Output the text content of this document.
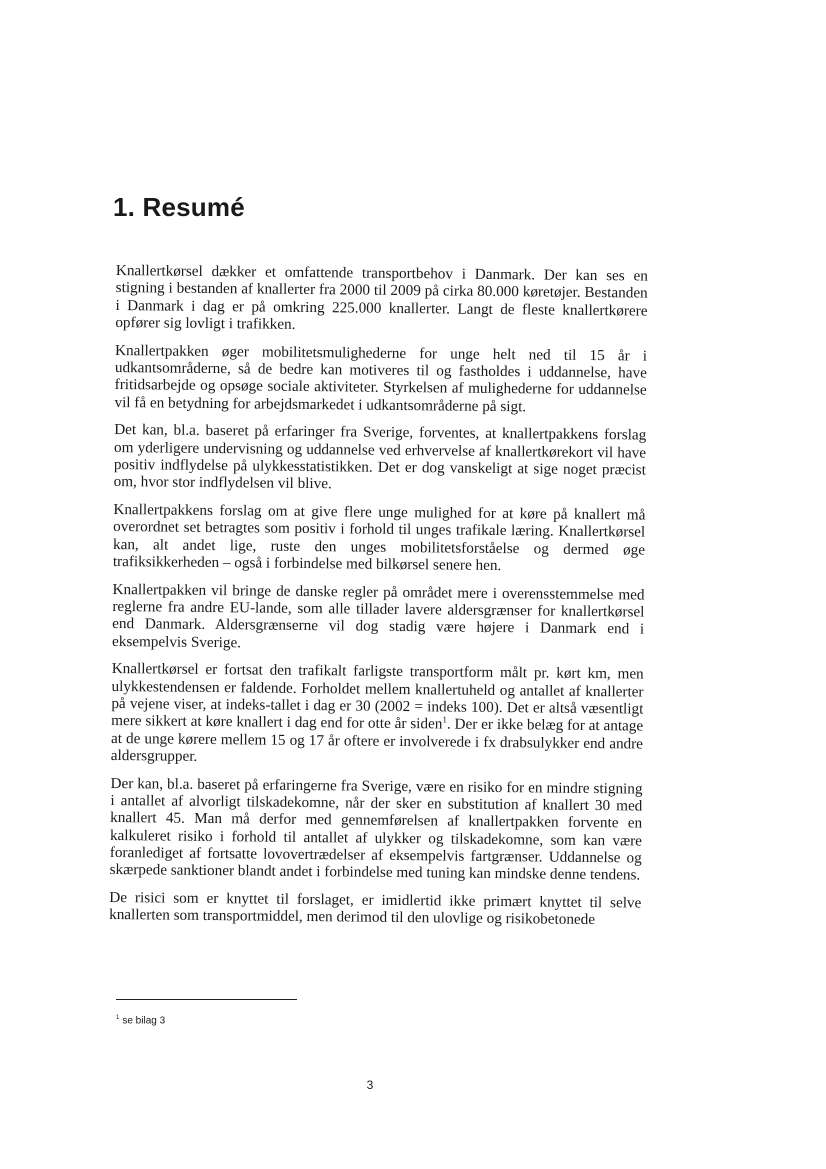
1. Resumé

Knallertkørsel dækker et omfattende transportbehov i Danmark. Der kan ses en stigning i bestanden af knallerter fra 2000 til 2009 på cirka 80.000 køretøjer. Bestanden i Danmark i dag er på omkring 225.000 knallerter. Langt de fleste knallertkørere opfører sig lovligt i trafikken.

Knallertpakken øger mobilitetsmulighederne for unge helt ned til 15 år i udkantsområderne, så de bedre kan motiveres til og fastholdes i uddannelse, have fritidsarbejde og opsøge sociale aktiviteter. Styrkelsen af mulighederne for uddannelse vil få en betydning for arbejdsmarkedet i udkantsområderne på sigt.

Det kan, bl.a. baseret på erfaringer fra Sverige, forventes, at knallertpakkens forslag om yderligere undervisning og uddannelse ved erhvervelse af knallertkørekort vil have positiv indflydelse på ulykkesstatistikken. Det er dog vanskeligt at sige noget præcist om, hvor stor indflydelsen vil blive.

Knallertpakkens forslag om at give flere unge mulighed for at køre på knallert må overordnet set betragtes som positiv i forhold til unges trafikale læring. Knallertkørsel kan, alt andet lige, ruste den unges mobilitetsforståelse og dermed øge trafiksikkerheden – også i forbindelse med bilkørsel senere hen.

Knallertpakken vil bringe de danske regler på området mere i overensstemmelse med reglerne fra andre EU-lande, som alle tillader lavere aldersgrænser for knallertkørsel end Danmark. Aldersgrænserne vil dog stadig være højere i Danmark end i eksempelvis Sverige.

Knallertkørsel er fortsat den trafikalt farligste transportform målt pr. kørt km, men ulykkestendensen er faldende. Forholdet mellem knallertuheld og antallet af knallerter på vejene viser, at indeks-tallet i dag er 30 (2002 = indeks 100). Det er altså væsentligt mere sikkert at køre knallert i dag end for otte år siden$^1$. Der er ikke belæg for at antage at de unge kørere mellem 15 og 17 år oftere er involverede i fx drabsulykker end andre aldersgrupper.

Der kan, bl.a. baseret på erfaringerne fra Sverige, være en risiko for en mindre stigning i antallet af alvorligt tilskadekomne, når der sker en substitution af knallert 30 med knallert 45. Man må derfor med gennemførelsen af knallertpakken forvente en kalkuleret risiko i forhold til antallet af ulykker og tilskadekomne, som kan være foranlediget af fortsatte lovovertrædelser af eksempelvis fartgrænser. Uddannelse og skærpede sanktioner blandt andet i forbindelse med tuning kan mindske denne tendens.

De risici som er knyttet til forslaget, er imidlertid ikke primært knyttet til selve knallerten som transportmiddel, men derimod til den ulovlige og risikobetonede

$^1$ se bilag 3
3
